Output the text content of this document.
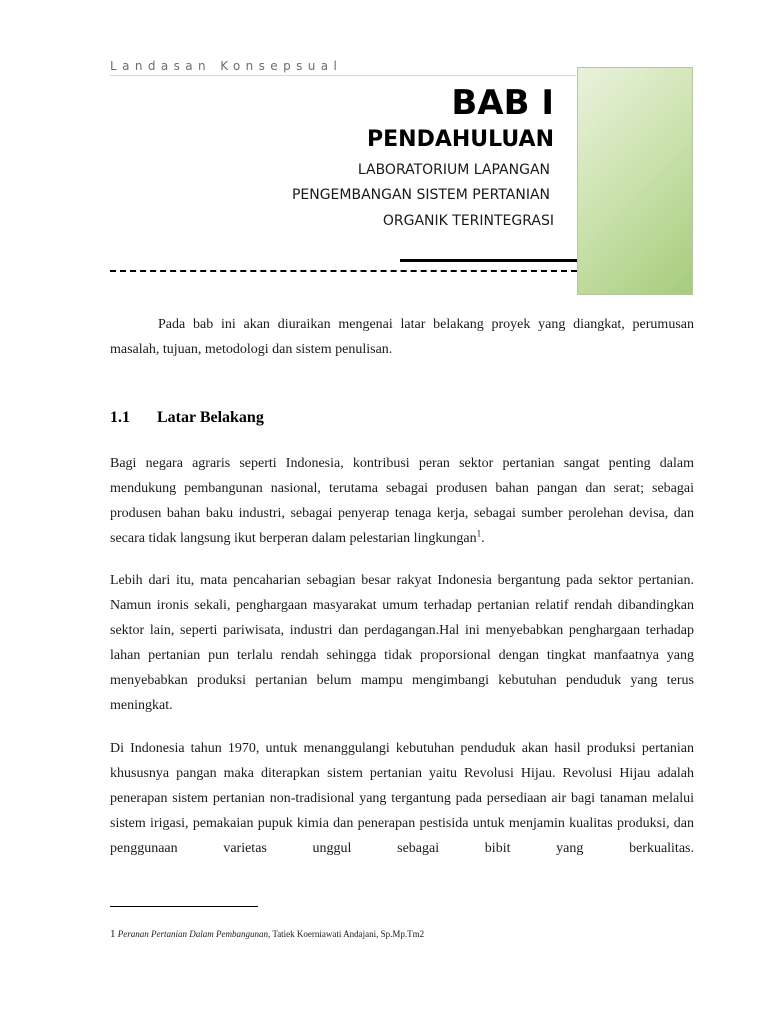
Landasan Konsepsual
BAB I
PENDAHULUAN
LABORATORIUM LAPANGAN
PENGEMBANGAN SISTEM PERTANIAN
ORGANIK TERINTEGRASI
Pada bab ini akan diuraikan mengenai latar belakang proyek yang diangkat, perumusan masalah, tujuan, metodologi dan sistem penulisan.
1.1 Latar Belakang
Bagi negara agraris seperti Indonesia, kontribusi peran sektor pertanian sangat penting dalam mendukung pembangunan nasional, terutama sebagai produsen bahan pangan dan serat; sebagai produsen bahan baku industri, sebagai penyerap tenaga kerja, sebagai sumber perolehan devisa, dan secara tidak langsung ikut berperan dalam pelestarian lingkungan$^1$.
Lebih dari itu, mata pencaharian sebagian besar rakyat Indonesia bergantung pada sektor pertanian. Namun ironis sekali, penghargaan masyarakat umum terhadap pertanian relatif rendah dibandingkan sektor lain, seperti pariwisata, industri dan perdagangan.Hal ini menyebabkan penghargaan terhadap lahan pertanian pun terlalu rendah sehingga tidak proporsional dengan tingkat manfaatnya yang menyebabkan produksi pertanian belum mampu mengimbangi kebutuhan penduduk yang terus meningkat.
Di Indonesia tahun 1970, untuk menanggulangi kebutuhan penduduk akan hasil produksi pertanian khususnya pangan maka diterapkan sistem pertanian yaitu Revolusi Hijau. Revolusi Hijau adalah penerapan sistem pertanian non-tradisional yang tergantung pada persediaan air bagi tanaman melalui sistem irigasi, pemakaian pupuk kimia dan penerapan pestisida untuk menjamin kualitas produksi, dan penggunaan varietas unggul sebagai bibit yang berkualitas.
1 Peranan Pertanian Dalam Pembangunan, Tatiek Koerniawati Andajani, Sp.Mp.Tm2
